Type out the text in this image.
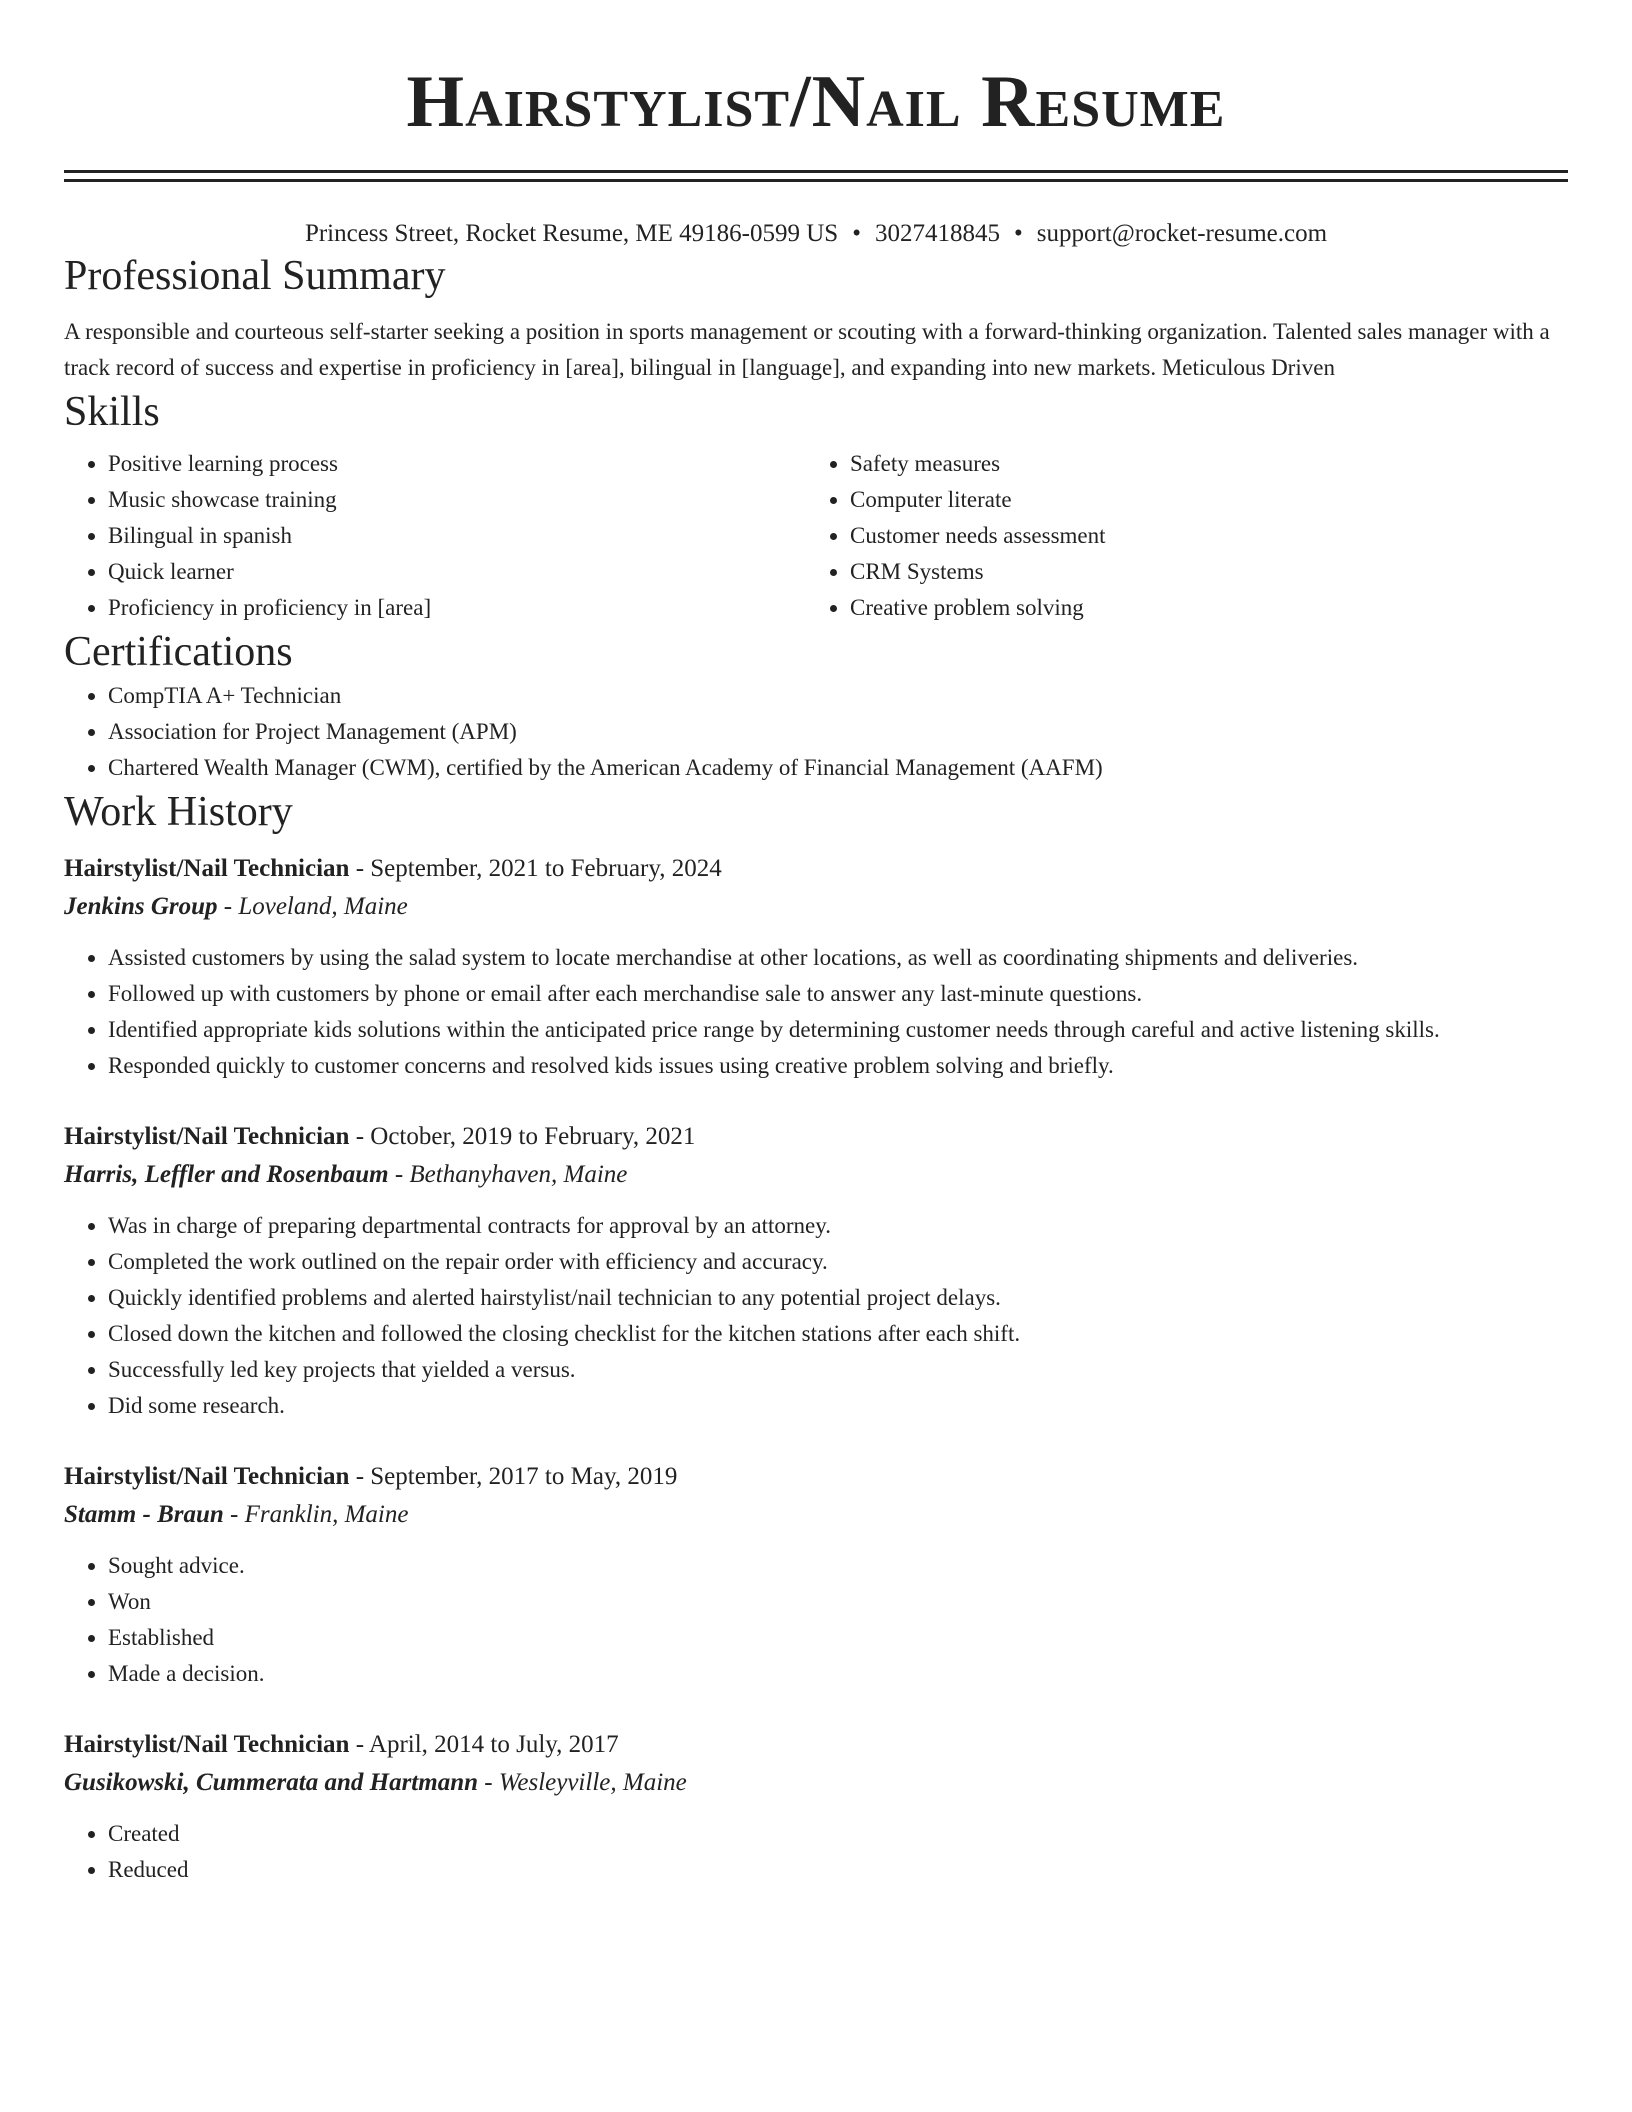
Hairstylist/Nail Resume
Princess Street, Rocket Resume, ME 49186-0599 US • 3027418845 • support@rocket-resume.com
Professional Summary

A responsible and courteous self-starter seeking a position in sports management or scouting with a forward-thinking organization. Talented sales manager with a track record of success and expertise in proficiency in [area], bilingual in [language], and expanding into new markets. Meticulous Driven

Skills
• Positive learning process
• Music showcase training
• Bilingual in spanish
• Quick learner
• Proficiency in proficiency in [area]
• Safety measures
• Computer literate
• Customer needs assessment
• CRM Systems
• Creative problem solving
Certifications
• CompTIA A+ Technician
• Association for Project Management (APM)
• Chartered Wealth Manager (CWM), certified by the American Academy of Financial Management (AAFM)
Work History
Hairstylist/Nail Technician - September, 2021 to February, 2024
Jenkins Group - Loveland, Maine
• Assisted customers by using the salad system to locate merchandise at other locations, as well as coordinating shipments and deliveries.
• Followed up with customers by phone or email after each merchandise sale to answer any last-minute questions.
• Identified appropriate kids solutions within the anticipated price range by determining customer needs through careful and active listening skills.
• Responded quickly to customer concerns and resolved kids issues using creative problem solving and briefly.
Hairstylist/Nail Technician - October, 2019 to February, 2021
Harris, Leffler and Rosenbaum - Bethanyhaven, Maine
• Was in charge of preparing departmental contracts for approval by an attorney.
• Completed the work outlined on the repair order with efficiency and accuracy.
• Quickly identified problems and alerted hairstylist/nail technician to any potential project delays.
• Closed down the kitchen and followed the closing checklist for the kitchen stations after each shift.
• Successfully led key projects that yielded a versus.
• Did some research.
Hairstylist/Nail Technician - September, 2017 to May, 2019
Stamm - Braun - Franklin, Maine
• Sought advice.
• Won
• Established
• Made a decision.
Hairstylist/Nail Technician - April, 2014 to July, 2017
Gusikowski, Cummerata and Hartmann - Wesleyville, Maine
• Created
• Reduced
